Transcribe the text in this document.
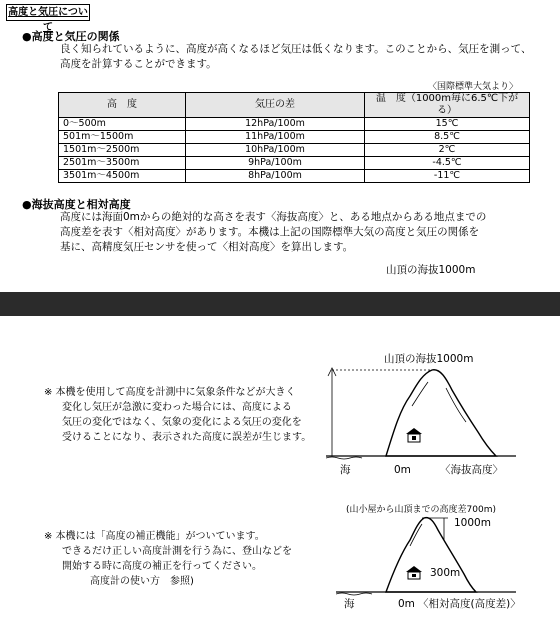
高度と気圧について
●高度と気圧の関係
良く知られているように、高度が高くなるほど気圧は低くなります。このことから、気圧を測って、
高度を計算することができます。
〈国際標準大気より〉
高　度	気圧の差	温　度（1000m毎に6.5℃下がる）
0～500m	12hPa/100m	15℃
501m～1500m	11hPa/100m	8.5℃
1501m～2500m	10hPa/100m	2℃
2501m～3500m	9hPa/100m	-4.5℃
3501m～4500m	8hPa/100m	-11℃
●海抜高度と相対高度
高度には海面0mからの絶対的な高さを表す〈海抜高度〉と、ある地点からある地点までの
高度差を表す〈相対高度〉があります。本機は上記の国際標準大気の高度と気圧の関係を
基に、高精度気圧センサを使って〈相対高度〉を算出します。
山頂の海抜1000m
山頂の海抜1000m
海	0m	〈海抜高度〉
※ 本機を使用して高度を計測中に気象条件などが大きく
変化し気圧が急激に変わった場合には、高度による
気圧の変化ではなく、気象の変化による気圧の変化を
受けることになり、表示された高度に誤差が生じます。
(山小屋から山頂までの高度差700m)
1000m
300m
海	0m 〈相対高度(高度差)〉
※ 本機には「高度の補正機能」がついています。
できるだけ正しい高度計測を行う為に、登山などを
開始する時に高度の補正を行ってください。
高度計の使い方　参照)
